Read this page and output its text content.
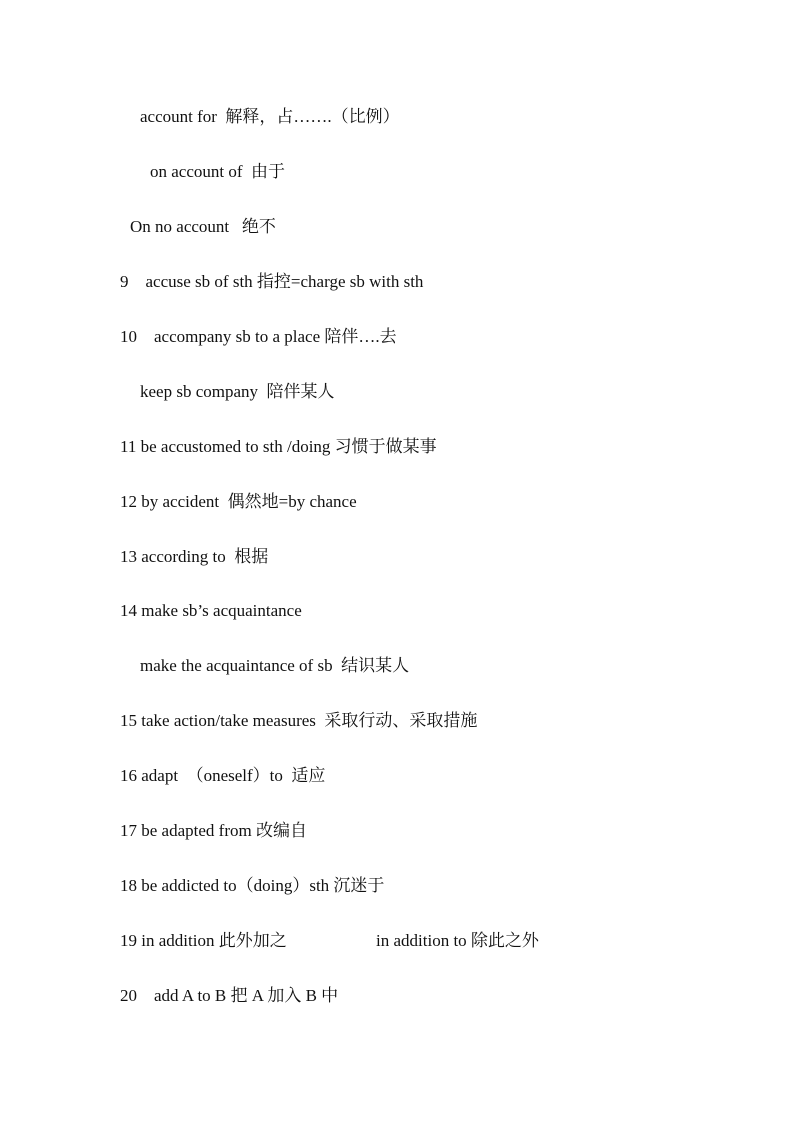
account for  解释，占…….（比例）
on account of  由于
On no account   绝不
9    accuse sb of sth 指控=charge sb with sth
10    accompany sb to a place 陪伴….去
keep sb company  陪伴某人
11 be accustomed to sth /doing 习惯于做某事
12 by accident  偶然地=by chance
13 according to  根据
14 make sb’s acquaintance
make the acquaintance of sb  结识某人
15 take action/take measures  采取行动、采取措施
16 adapt  （oneself）to  适应
17 be adapted from 改编自
18 be addicted to（doing）sth 沉迷于
19 in addition 此外加之	in addition to 除此之外
20    add A to B 把 A 加入 B 中
